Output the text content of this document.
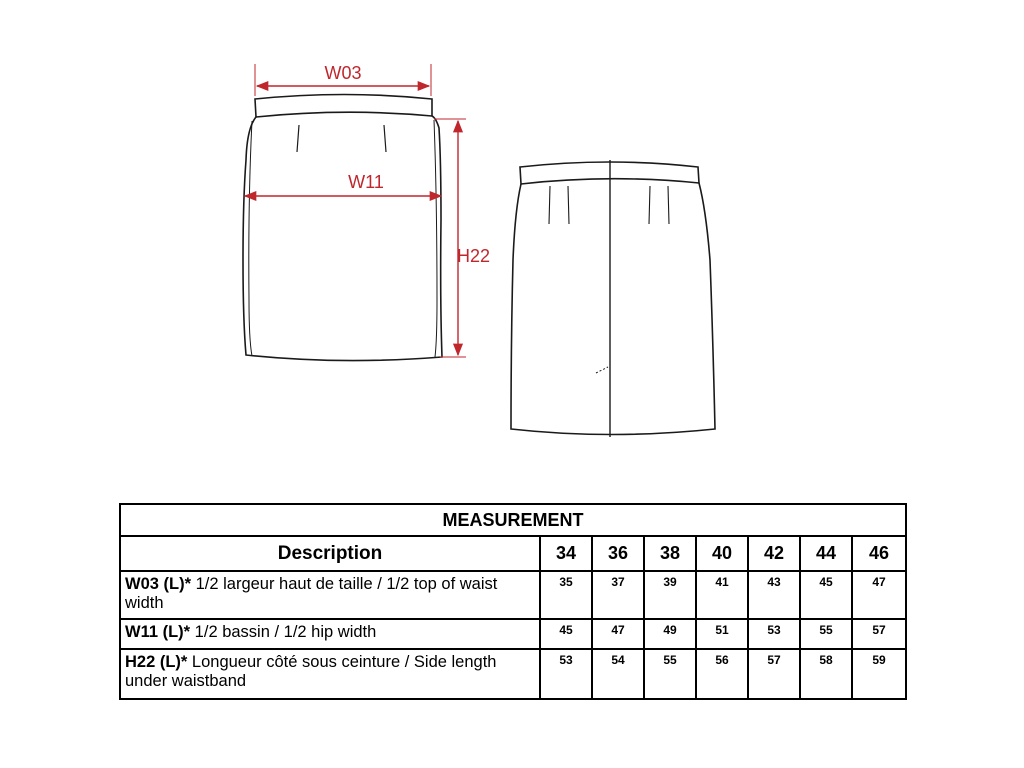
W03
W11
H22
MEASUREMENT							
Description	34	36	38	40	42	44	46
W03 (L)* 1/2 largeur haut de taille / 1/2 top of waist width	35	37	39	41	43	45	47
W11 (L)* 1/2 bassin / 1/2 hip width	45	47	49	51	53	55	57
H22 (L)* Longueur côté sous ceinture / Side length under waistband	53	54	55	56	57	58	59
